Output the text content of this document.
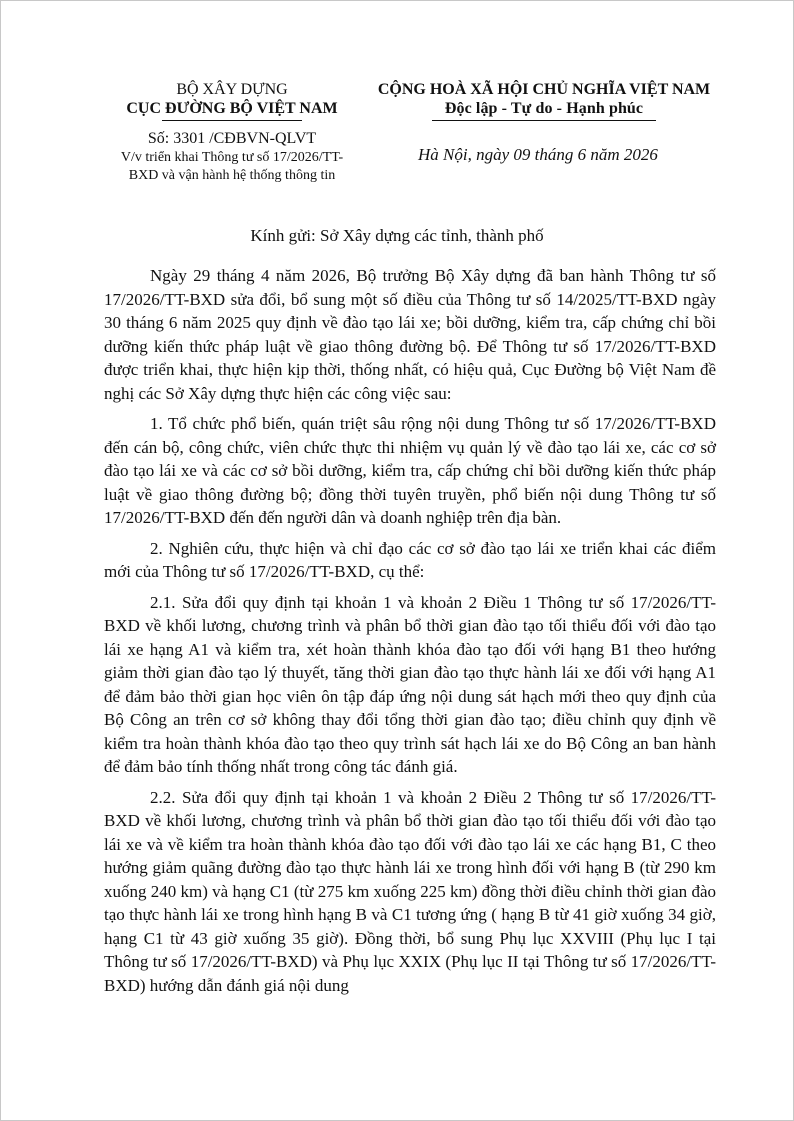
BỘ XÂY DỰNG
CỤC ĐƯỜNG BỘ VIỆT NAM
Số: 3301 /CĐBVN-QLVT
V/v triển khai Thông tư số 17/2026/TT-
BXD và vận hành hệ thống thông tin
CỘNG HOÀ XÃ HỘI CHỦ NGHĨA VIỆT NAM
Độc lập - Tự do - Hạnh phúc
Hà Nội, ngày 09 tháng 6 năm 2026
Kính gửi: Sở Xây dựng các tỉnh, thành phố

Ngày 29 tháng 4 năm 2026, Bộ trưởng Bộ Xây dựng đã ban hành Thông tư số 17/2026/TT-BXD sửa đổi, bổ sung một số điều của Thông tư số 14/2025/TT-BXD ngày 30 tháng 6 năm 2025 quy định về đào tạo lái xe; bồi dưỡng, kiểm tra, cấp chứng chỉ bồi dưỡng kiến thức pháp luật về giao thông đường bộ. Để Thông tư số 17/2026/TT-BXD được triển khai, thực hiện kịp thời, thống nhất, có hiệu quả, Cục Đường bộ Việt Nam đề nghị các Sở Xây dựng thực hiện các công việc sau:

1. Tổ chức phổ biến, quán triệt sâu rộng nội dung Thông tư số 17/2026/TT-BXD đến cán bộ, công chức, viên chức thực thi nhiệm vụ quản lý về đào tạo lái xe, các cơ sở đào tạo lái xe và các cơ sở bồi dưỡng, kiểm tra, cấp chứng chỉ bồi dưỡng kiến thức pháp luật về giao thông đường bộ; đồng thời tuyên truyền, phổ biến nội dung Thông tư số 17/2026/TT-BXD đến đến người dân và doanh nghiệp trên địa bàn.

2. Nghiên cứu, thực hiện và chỉ đạo các cơ sở đào tạo lái xe triển khai các điểm mới của Thông tư số 17/2026/TT-BXD, cụ thể:

2.1. Sửa đổi quy định tại khoản 1 và khoản 2 Điều 1 Thông tư số 17/2026/TT-BXD về khối lương, chương trình và phân bổ thời gian đào tạo tối thiểu đối với đào tạo lái xe hạng A1 và kiểm tra, xét hoàn thành khóa đào tạo đối với hạng B1 theo hướng giảm thời gian đào tạo lý thuyết, tăng thời gian đào tạo thực hành lái xe đối với hạng A1 để đảm bảo thời gian học viên ôn tập đáp ứng nội dung sát hạch mới theo quy định của Bộ Công an trên cơ sở không thay đổi tổng thời gian đào tạo; điều chỉnh quy định về kiểm tra hoàn thành khóa đào tạo theo quy trình sát hạch lái xe do Bộ Công an ban hành để đảm bảo tính thống nhất trong công tác đánh giá.

2.2. Sửa đổi quy định tại khoản 1 và khoản 2 Điều 2 Thông tư số 17/2026/TT-BXD về khối lương, chương trình và phân bổ thời gian đào tạo tối thiểu đối với đào tạo lái xe và về kiểm tra hoàn thành khóa đào tạo đối với đào tạo lái xe các hạng B1, C theo hướng giảm quãng đường đào tạo thực hành lái xe trong hình đối với hạng B (từ 290 km xuống 240 km) và hạng C1 (từ 275 km xuống 225 km) đồng thời điều chỉnh thời gian đào tạo thực hành lái xe trong hình hạng B và C1 tương ứng ( hạng B từ 41 giờ xuống 34 giờ, hạng C1 từ 43 giờ xuống 35 giờ). Đồng thời, bổ sung Phụ lục XXVIII (Phụ lục I tại Thông tư số 17/2026/TT-BXD) và Phụ lục XXIX (Phụ lục II tại Thông tư số 17/2026/TT-BXD) hướng dẫn đánh giá nội dung
